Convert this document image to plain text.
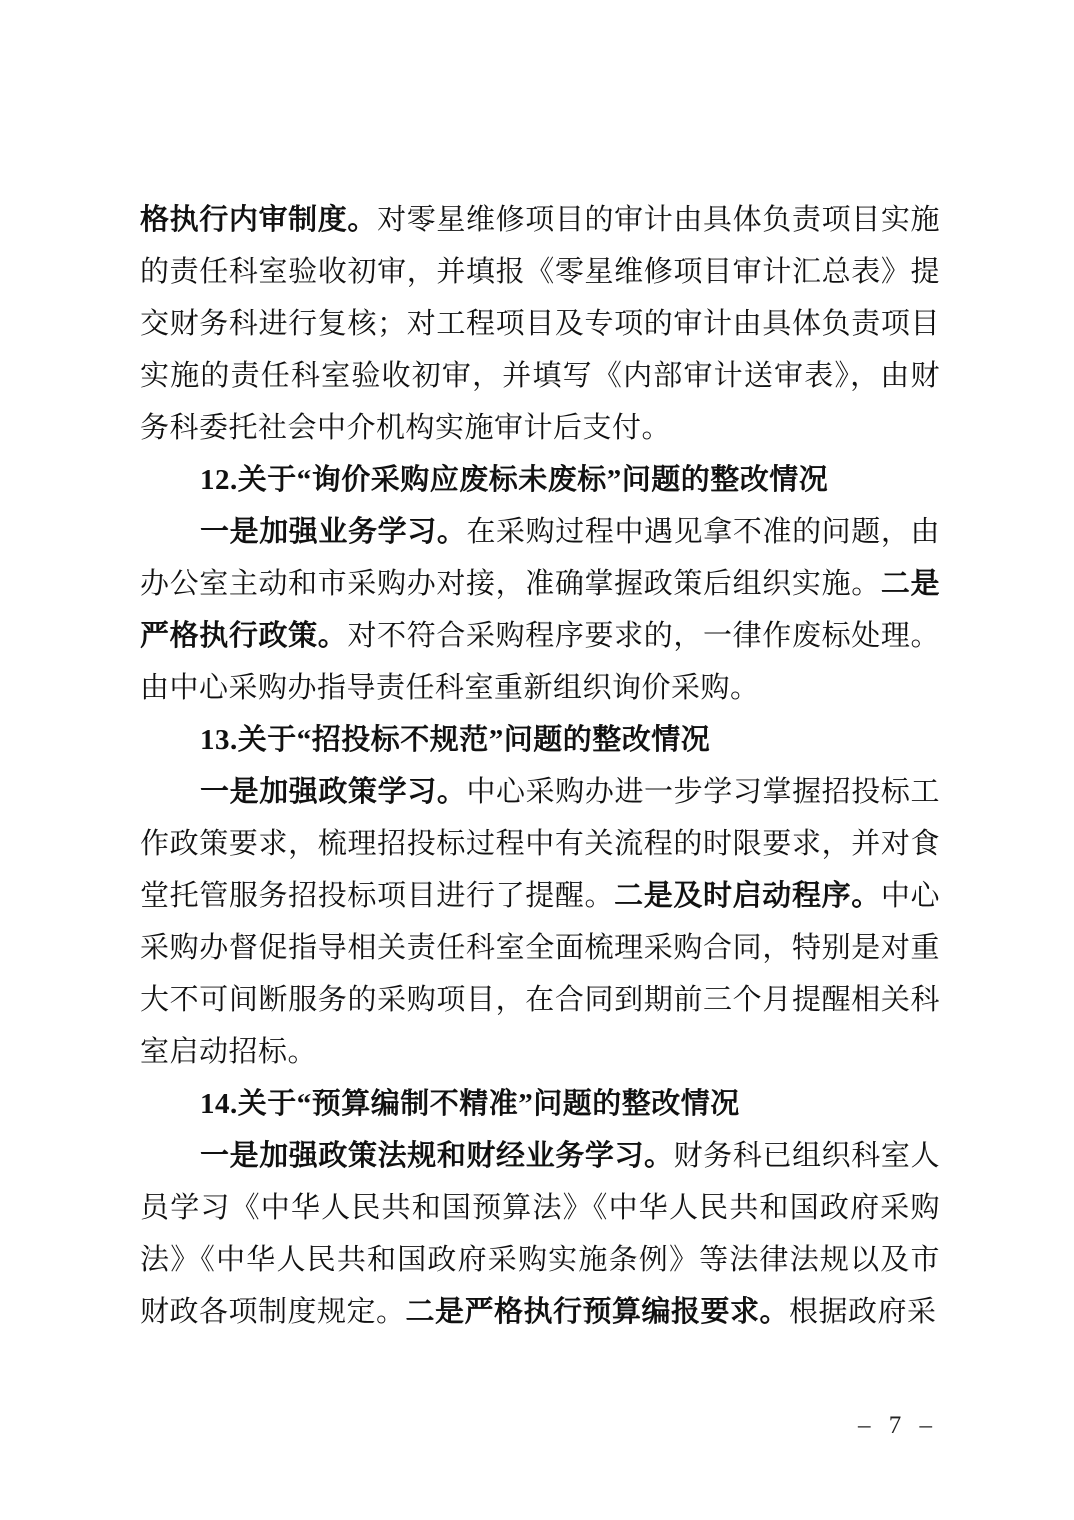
格执行内审制度。对零星维修项目的审计由具体负责项目实施的责任科室验收初审，并填报《零星维修项目审计汇总表》提交财务科进行复核；对工程项目及专项的审计由具体负责项目实施的责任科室验收初审，并填写《内部审计送审表》，由财务科委托社会中介机构实施审计后支付。

12.关于“询价采购应废标未废标”问题的整改情况

一是加强业务学习。在采购过程中遇见拿不准的问题，由办公室主动和市采购办对接，准确掌握政策后组织实施。二是严格执行政策。对不符合采购程序要求的，一律作废标处理。由中心采购办指导责任科室重新组织询价采购。

13.关于“招投标不规范”问题的整改情况

一是加强政策学习。中心采购办进一步学习掌握招投标工作政策要求，梳理招投标过程中有关流程的时限要求，并对食堂托管服务招投标项目进行了提醒。二是及时启动程序。中心采购办督促指导相关责任科室全面梳理采购合同，特别是对重大不可间断服务的采购项目，在合同到期前三个月提醒相关科室启动招标。

14.关于“预算编制不精准”问题的整改情况

一是加强政策法规和财经业务学习。财务科已组织科室人员学习《中华人民共和国预算法》《中华人民共和国政府采购法》《中华人民共和国政府采购实施条例》等法律法规以及市财政各项制度规定。二是严格执行预算编报要求。根据政府采

– 7 –
